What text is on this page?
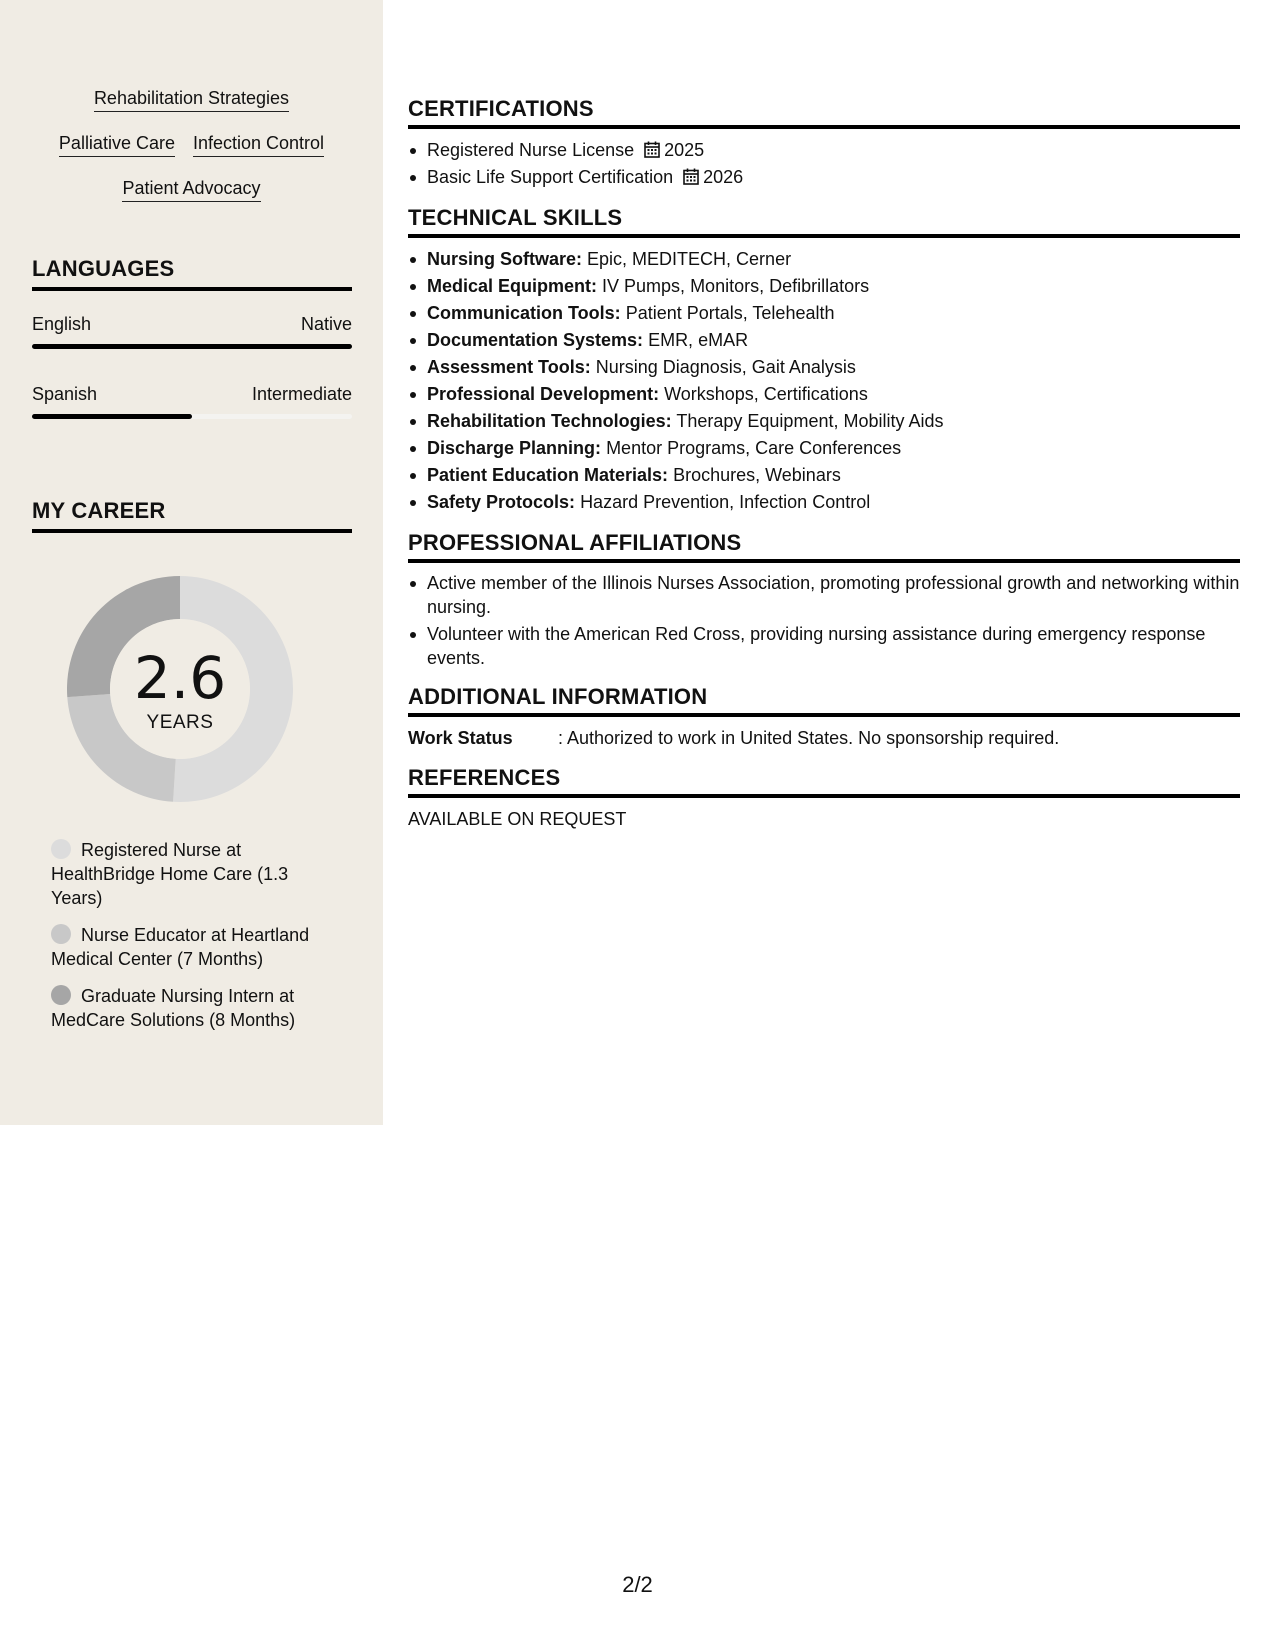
Rehabilitation Strategies
Palliative Care Infection Control
Patient Advocacy
LANGUAGES
English	Native
Spanish	Intermediate
MY CAREER
2.6
YEARS
Registered Nurse at HealthBridge Home Care (1.3 Years)
Nurse Educator at Heartland Medical Center (7 Months)
Graduate Nursing Intern at MedCare Solutions (8 Months)
CERTIFICATIONS
Registered Nurse License 2025
Basic Life Support Certification 2026
TECHNICAL SKILLS
Nursing Software: Epic, MEDITECH, Cerner
Medical Equipment: IV Pumps, Monitors, Defibrillators
Communication Tools: Patient Portals, Telehealth
Documentation Systems: EMR, eMAR
Assessment Tools: Nursing Diagnosis, Gait Analysis
Professional Development: Workshops, Certifications
Rehabilitation Technologies: Therapy Equipment, Mobility Aids
Discharge Planning: Mentor Programs, Care Conferences
Patient Education Materials: Brochures, Webinars
Safety Protocols: Hazard Prevention, Infection Control
PROFESSIONAL AFFILIATIONS
Active member of the Illinois Nurses Association, promoting professional growth and networking within nursing.
Volunteer with the American Red Cross, providing nursing assistance during emergency response events.
ADDITIONAL INFORMATION
Work Status	: Authorized to work in United States. No sponsorship required.
REFERENCES
AVAILABLE ON REQUEST
2/2
